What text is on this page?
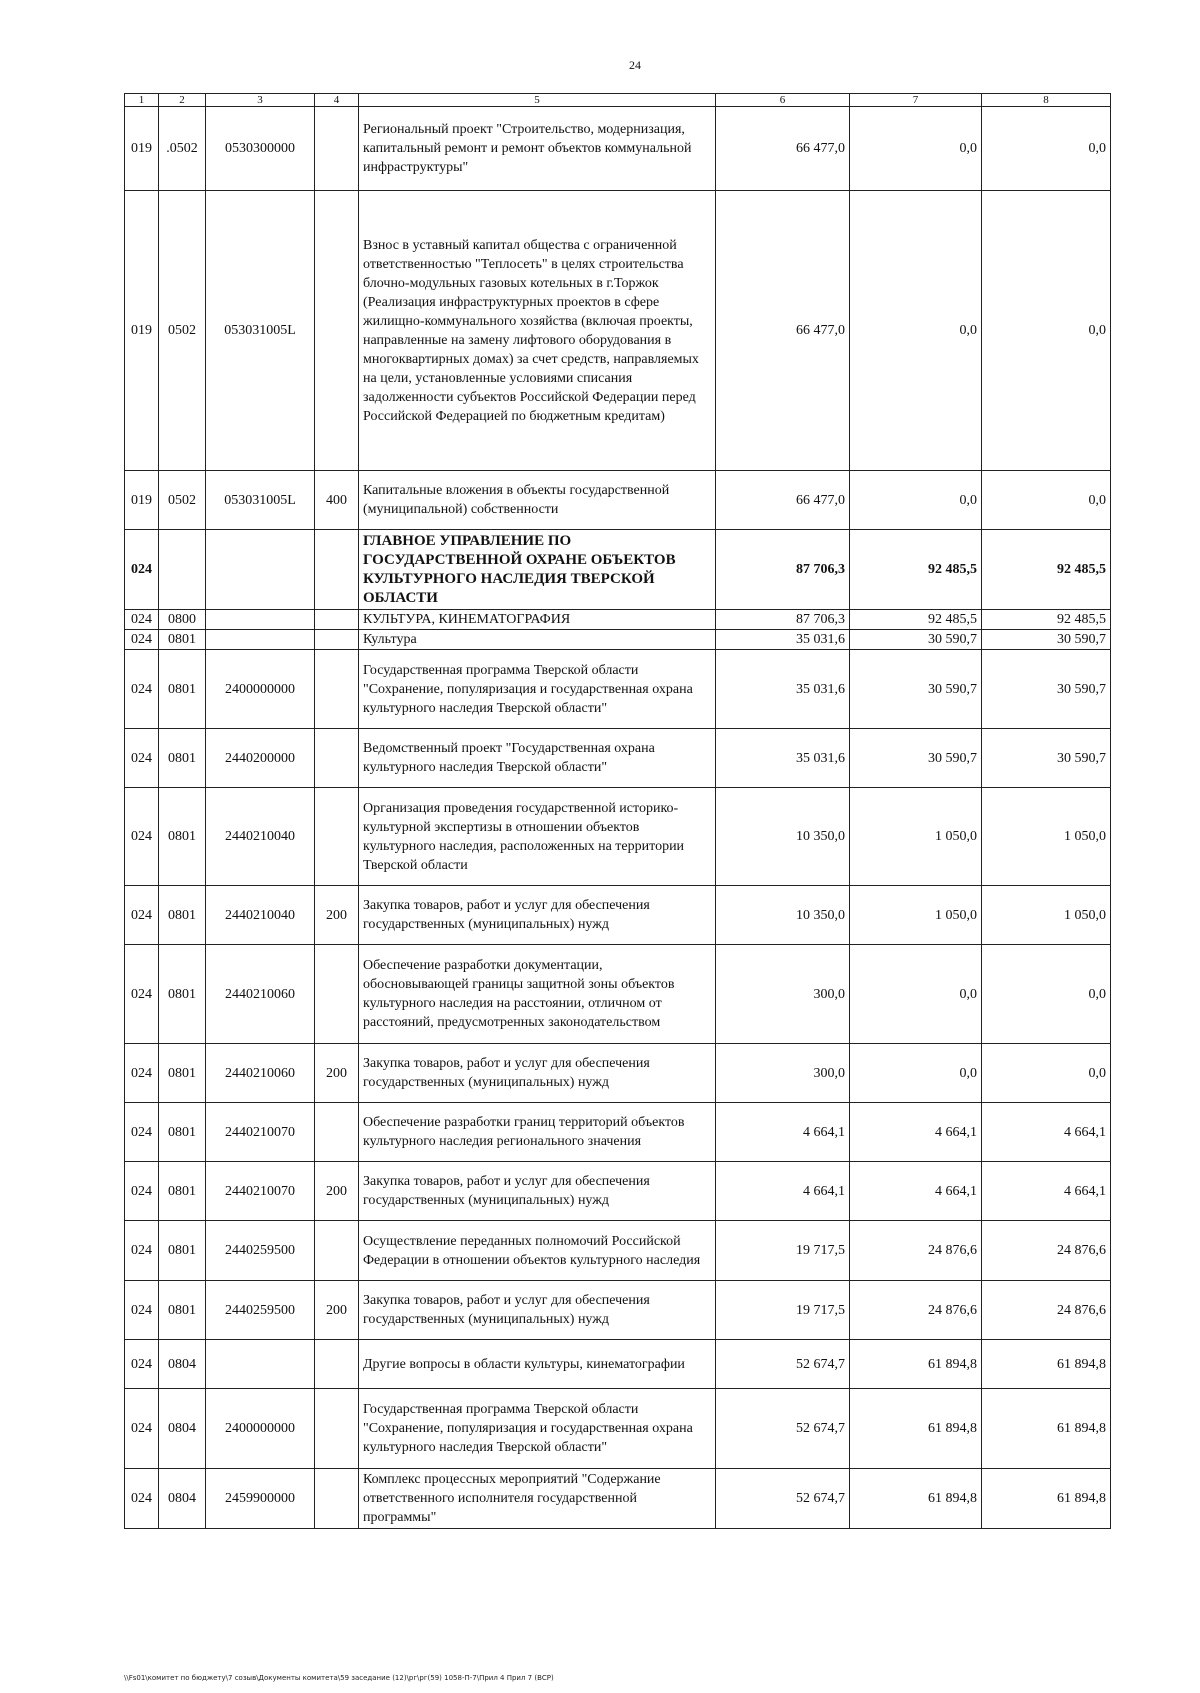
24
1	2	3	4	5	6	7	8
019	.0502	0530300000		Региональный проект "Строительство, модернизация, капитальный ремонт и ремонт объектов коммунальной инфраструктуры"	66 477,0	0,0	0,0
019	0502	053031005L		Взнос в уставный капитал общества с ограниченной ответственностью "Теплосеть" в целях строительства блочно-модульных газовых котельных в г.Торжок (Реализация инфраструктурных проектов в сфере жилищно-коммунального хозяйства (включая проекты, направленные на замену лифтового оборудования в многоквартирных домах) за счет средств, направляемых на цели, установленные условиями списания задолженности субъектов Российской Федерации перед Российской Федерацией по бюджетным кредитам)	66 477,0	0,0	0,0
019	0502	053031005L	400	Капитальные вложения в объекты государственной (муниципальной) собственности	66 477,0	0,0	0,0
024				ГЛАВНОЕ УПРАВЛЕНИЕ ПО ГОСУДАРСТВЕННОЙ ОХРАНЕ ОБЪЕКТОВ КУЛЬТУРНОГО НАСЛЕДИЯ ТВЕРСКОЙ ОБЛАСТИ	87 706,3	92 485,5	92 485,5
024	0800			КУЛЬТУРА, КИНЕМАТОГРАФИЯ	87 706,3	92 485,5	92 485,5
024	0801			Культура	35 031,6	30 590,7	30 590,7
024	0801	2400000000		Государственная программа Тверской области "Сохранение, популяризация и государственная охрана культурного наследия Тверской области"	35 031,6	30 590,7	30 590,7
024	0801	2440200000		Ведомственный проект "Государственная охрана культурного наследия Тверской области"	35 031,6	30 590,7	30 590,7
024	0801	2440210040		Организация проведения государственной историко-культурной экспертизы в отношении объектов культурного наследия, расположенных на территории Тверской области	10 350,0	1 050,0	1 050,0
024	0801	2440210040	200	Закупка товаров, работ и услуг для обеспечения государственных (муниципальных) нужд	10 350,0	1 050,0	1 050,0
024	0801	2440210060		Обеспечение разработки документации, обосновывающей границы защитной зоны объектов культурного наследия на расстоянии, отличном от расстояний, предусмотренных законодательством	300,0	0,0	0,0
024	0801	2440210060	200	Закупка товаров, работ и услуг для обеспечения государственных (муниципальных) нужд	300,0	0,0	0,0
024	0801	2440210070		Обеспечение разработки границ территорий объектов культурного наследия регионального значения	4 664,1	4 664,1	4 664,1
024	0801	2440210070	200	Закупка товаров, работ и услуг для обеспечения государственных (муниципальных) нужд	4 664,1	4 664,1	4 664,1
024	0801	2440259500		Осуществление переданных полномочий Российской Федерации в отношении объектов культурного наследия	19 717,5	24 876,6	24 876,6
024	0801	2440259500	200	Закупка товаров, работ и услуг для обеспечения государственных (муниципальных) нужд	19 717,5	24 876,6	24 876,6
024	0804			Другие вопросы в области культуры, кинематографии	52 674,7	61 894,8	61 894,8
024	0804	2400000000		Государственная программа Тверской области "Сохранение, популяризация и государственная охрана культурного наследия Тверской области"	52 674,7	61 894,8	61 894,8
024	0804	2459900000		Комплекс процессных мероприятий "Содержание ответственного исполнителя государственной программы"	52 674,7	61 894,8	61 894,8
\\Fs01\комитет по бюджету\7 созыв\Документы комитета\59 заседание (12)\рг\рг(59) 1058-П-7\Прил 4 Прил 7 (ВСР)
